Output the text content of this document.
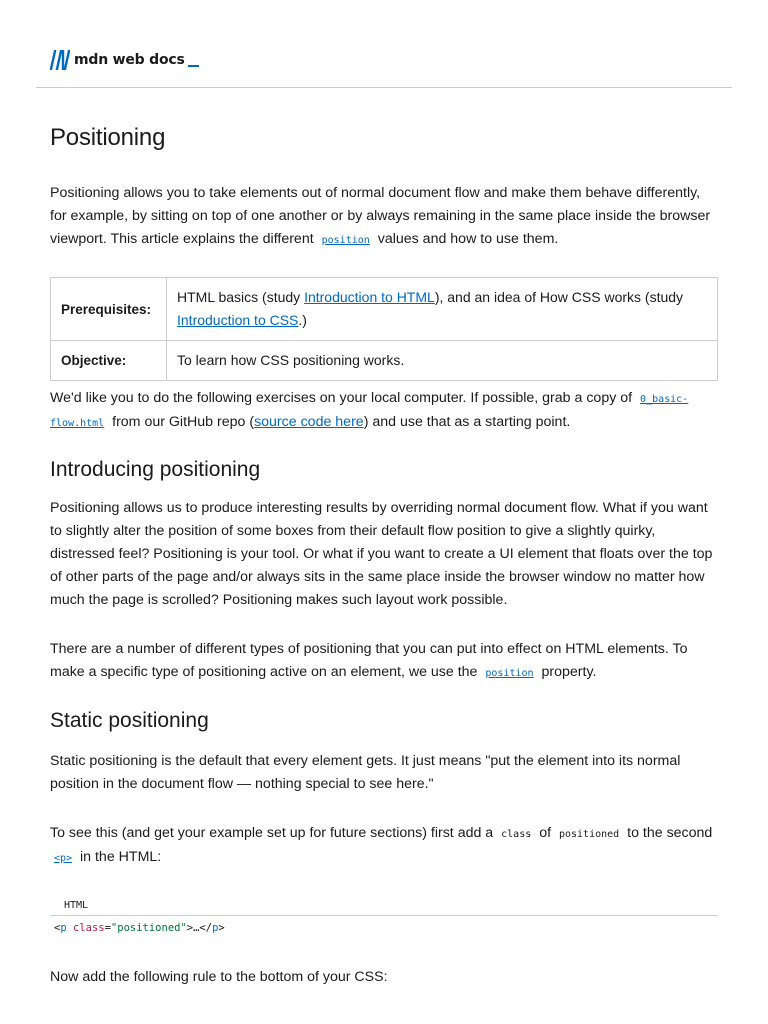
mdn web docs
Positioning

Positioning allows you to take elements out of normal document flow and make them behave differently, for example, by sitting on top of one another or by always remaining in the same place inside the browser viewport. This article explains the different position values and how to use them.

Prerequisites:	HTML basics (study Introduction to HTML), and an idea of How CSS works (study Introduction to CSS.)
Objective:	To learn how CSS positioning works.

We'd like you to do the following exercises on your local computer. If possible, grab a copy of 0_basic-flow.html from our GitHub repo (source code here) and use that as a starting point.

Introducing positioning

Positioning allows us to produce interesting results by overriding normal document flow. What if you want to slightly alter the position of some boxes from their default flow position to give a slightly quirky, distressed feel? Positioning is your tool. Or what if you want to create a UI element that floats over the top of other parts of the page and/or always sits in the same place inside the browser window no matter how much the page is scrolled? Positioning makes such layout work possible.

There are a number of different types of positioning that you can put into effect on HTML elements. To make a specific type of positioning active on an element, we use the position property.

Static positioning

Static positioning is the default that every element gets. It just means "put the element into its normal position in the document flow — nothing special to see here."

To see this (and get your example set up for future sections) first add a class of positioned to the second <p> in the HTML:

HTML
<p class="positioned">…</p>

Now add the following rule to the bottom of your CSS:
